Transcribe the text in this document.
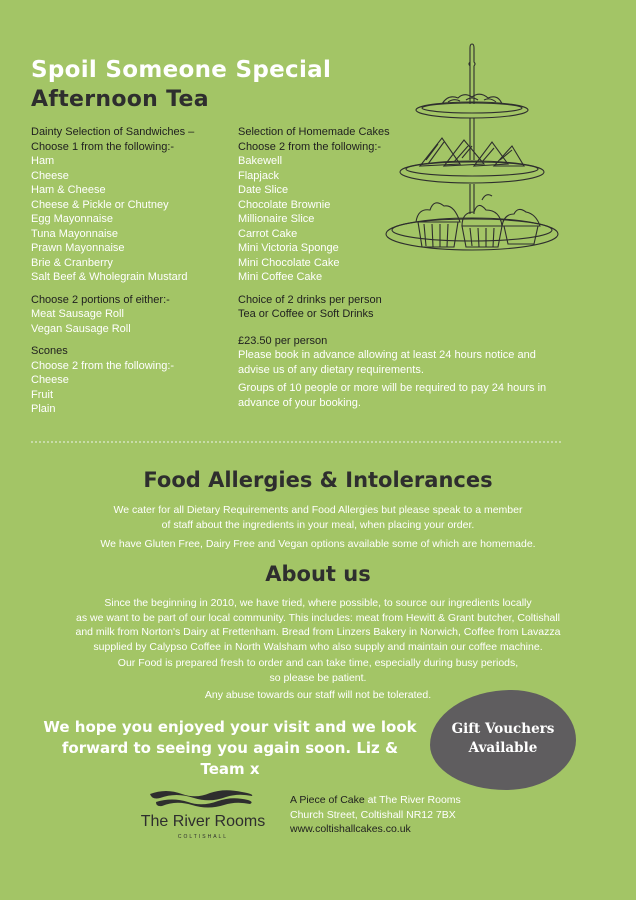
Spoil Someone Special
Afternoon Tea
Dainty Selection of Sandwiches –
Choose 1 from the following:-
Ham
Cheese
Ham & Cheese
Cheese & Pickle or Chutney
Egg Mayonnaise
Tuna Mayonnaise
Prawn Mayonnaise
Brie & Cranberry
Salt Beef & Wholegrain Mustard
Choose 2 portions of either:-
Meat Sausage Roll
Vegan Sausage Roll
Scones
Choose 2 from the following:-
Cheese
Fruit
Plain
Selection of Homemade Cakes
Choose 2 from the following:-
Bakewell
Flapjack
Date Slice
Chocolate Brownie
Millionaire Slice
Carrot Cake
Mini Victoria Sponge
Mini Chocolate Cake
Mini Coffee Cake
Choice of 2 drinks per person
Tea or Coffee or Soft Drinks
£23.50 per person
Please book in advance allowing at least 24 hours notice and
advise us of any dietary requirements.
Groups of 10 people or more will be required to pay 24 hours in
advance of your booking.
Food Allergies & Intolerances
We cater for all Dietary Requirements and Food Allergies but please speak to a member
of staff about the ingredients in your meal, when placing your order.
We have Gluten Free, Dairy Free and Vegan options available some of which are homemade.
About us
Since the beginning in 2010, we have tried, where possible, to source our ingredients locally
as we want to be part of our local community. This includes: meat from Hewitt & Grant butcher, Coltishall
and milk from Norton's Dairy at Frettenham. Bread from Linzers Bakery in Norwich, Coffee from Lavazza
supplied by Calypso Coffee in North Walsham who also supply and maintain our coffee machine.
Our Food is prepared fresh to order and can take time, especially during busy periods,
so please be patient.
Any abuse towards our staff will not be tolerated.
We hope you enjoyed your visit and we look
forward to seeing you again soon. Liz & Team x
Gift Vouchers
Available
The River Rooms
COLTISHALL
A Piece of Cake at The River Rooms
Church Street, Coltishall NR12 7BX
www.coltishallcakes.co.uk
